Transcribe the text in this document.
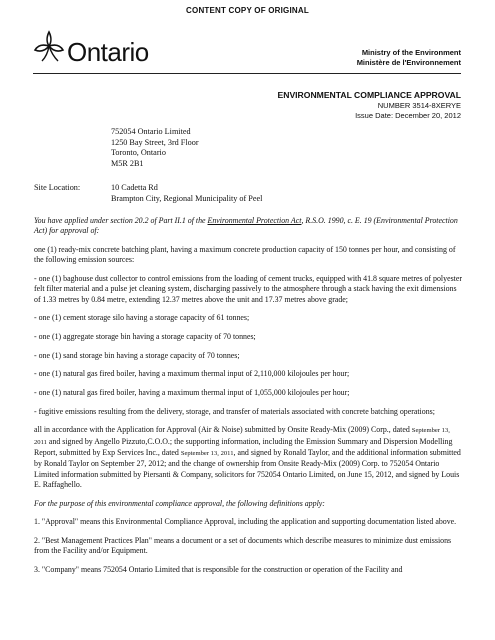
CONTENT COPY OF ORIGINAL
Ontario	Ministry of the Environment
Ministère de l'Environnement
ENVIRONMENTAL COMPLIANCE APPROVAL
NUMBER 3514-8XERYE
Issue Date: December 20, 2012
752054 Ontario Limited
1250 Bay Street, 3rd Floor
Toronto, Ontario
M5R 2B1
Site Location:	10 Cadetta Rd
Brampton City, Regional Municipality of Peel

You have applied under section 20.2 of Part II.1 of the Environmental Protection Act, R.S.O. 1990, c. E. 19 (Environmental Protection Act) for approval of:

one (1) ready-mix concrete batching plant, having a maximum concrete production capacity of 150 tonnes per hour, and consisting of the following emission sources:

- one (1) baghouse dust collector to control emissions from the loading of cement trucks, equipped with 41.8 square metres of polyester felt filter material and a pulse jet cleaning system, discharging passively to the atmosphere through a stack having the exit dimensions of 1.33 metres by 0.84 metre, extending 12.37 metres above the unit and 17.37 metres above grade;

- one (1) cement storage silo having a storage capacity of 61 tonnes;

- one (1) aggregate storage bin having a storage capacity of 70 tonnes;

- one (1) sand storage bin having a storage capacity of 70 tonnes;

- one (1) natural gas fired boiler, having a maximum thermal input of 2,110,000 kilojoules per hour;

- one (1) natural gas fired boiler, having a maximum thermal input of 1,055,000 kilojoules per hour;

- fugitive emissions resulting from the delivery, storage, and transfer of materials associated with concrete batching operations;

all in accordance with the Application for Approval (Air & Noise) submitted by Onsite Ready-Mix (2009) Corp., dated September 13, 2011 and signed by Angello Pizzuto,C.O.O.; the supporting information, including the Emission Summary and Dispersion Modelling Report, submitted by Exp Services Inc., dated September 13, 2011, and signed by Ronald Taylor, and the additional information submitted by Ronald Taylor on September 27, 2012; and the change of ownership from Onsite Ready-Mix (2009) Corp. to 752054 Ontario Limited information submitted by Piersanti & Company, solicitors for 752054 Ontario Limited, on June 15, 2012, and signed by Louis E. Raffaghello.

For the purpose of this environmental compliance approval, the following definitions apply:

1. "Approval" means this Environmental Compliance Approval, including the application and supporting documentation listed above.

2. "Best Management Practices Plan" means a document or a set of documents which describe measures to minimize dust emissions from the Facility and/or Equipment.

3. "Company" means 752054 Ontario Limited that is responsible for the construction or operation of the Facility and
